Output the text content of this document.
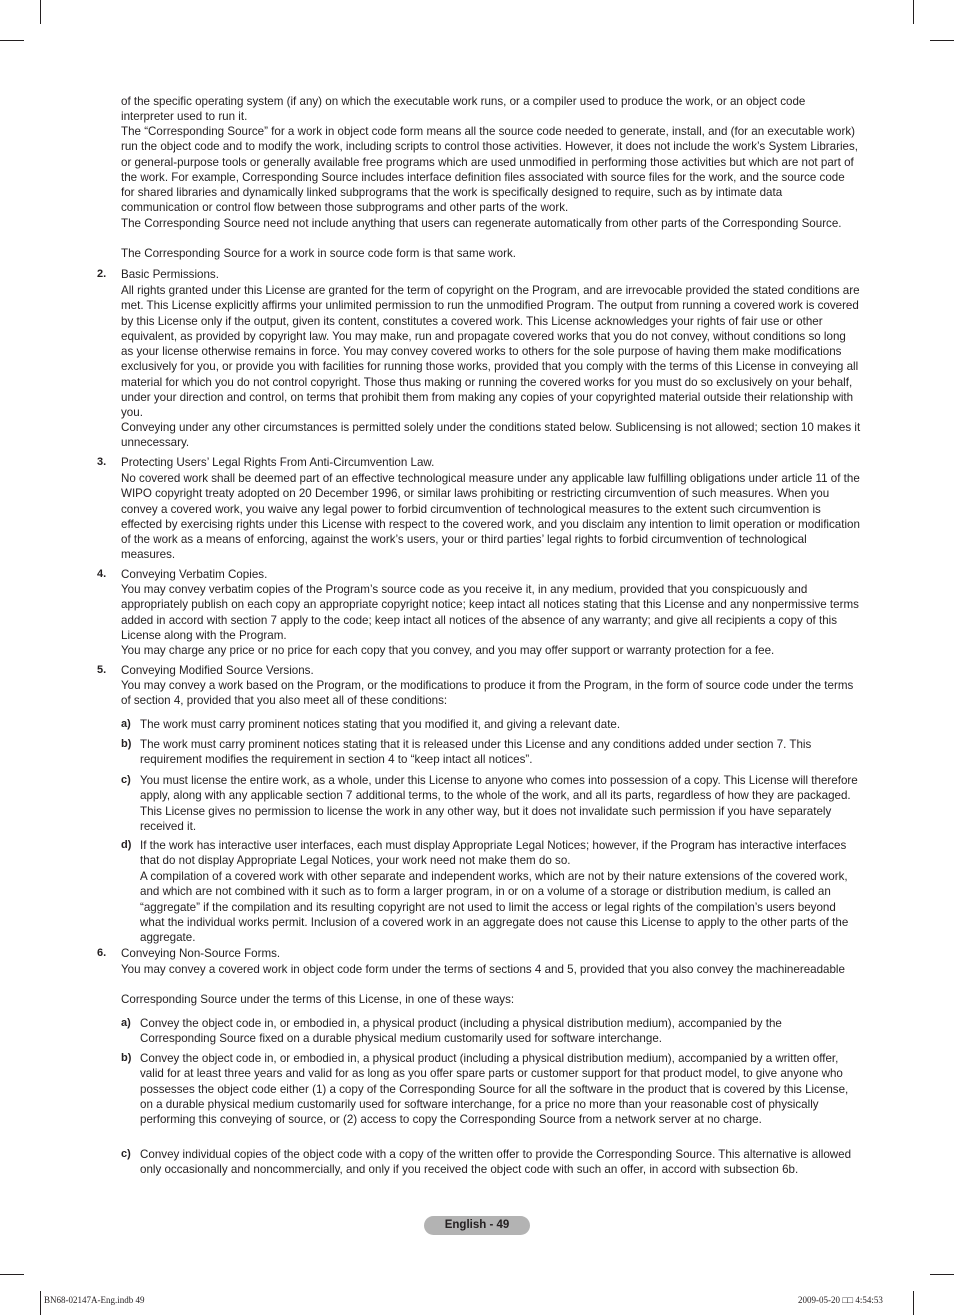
of the specific operating system (if any) on which the executable work runs, or a compiler used to produce the work, or an object code interpreter used to run it.

The “Corresponding Source” for a work in object code form means all the source code needed to generate, install, and (for an executable work) run the object code and to modify the work, including scripts to control those activities. However, it does not include the work’s System Libraries, or general-purpose tools or generally available free programs which are used unmodified in performing those activities but which are not part of the work. For example, Corresponding Source includes interface definition files associated with source files for the work, and the source code for shared libraries and dynamically linked subprograms that the work is specifically designed to require, such as by intimate data communication or control flow between those subprograms and other parts of the work.

The Corresponding Source need not include anything that users can regenerate automatically from other parts of the Corresponding Source.

The Corresponding Source for a work in source code form is that same work.

2. Basic Permissions.

All rights granted under this License are granted for the term of copyright on the Program, and are irrevocable provided the stated conditions are met. This License explicitly affirms your unlimited permission to run the unmodified Program. The output from running a covered work is covered by this License only if the output, given its content, constitutes a covered work. This License acknowledges your rights of fair use or other equivalent, as provided by copyright law. You may make, run and propagate covered works that you do not convey, without conditions so long as your license otherwise remains in force. You may convey covered works to others for the sole purpose of having them make modifications exclusively for you, or provide you with facilities for running those works, provided that you comply with the terms of this License in conveying all material for which you do not control copyright. Those thus making or running the covered works for you must do so exclusively on your behalf, under your direction and control, on terms that prohibit them from making any copies of your copyrighted material outside their relationship with you.

Conveying under any other circumstances is permitted solely under the conditions stated below. Sublicensing is not allowed; section 10 makes it unnecessary.

3. Protecting Users’ Legal Rights From Anti-Circumvention Law.

No covered work shall be deemed part of an effective technological measure under any applicable law fulfilling obligations under article 11 of the WIPO copyright treaty adopted on 20 December 1996, or similar laws prohibiting or restricting circumvention of such measures. When you convey a covered work, you waive any legal power to forbid circumvention of technological measures to the extent such circumvention is effected by exercising rights under this License with respect to the covered work, and you disclaim any intention to limit operation or modification of the work as a means of enforcing, against the work’s users, your or third parties’ legal rights to forbid circumvention of technological measures.

4. Conveying Verbatim Copies.

You may convey verbatim copies of the Program’s source code as you receive it, in any medium, provided that you conspicuously and appropriately publish on each copy an appropriate copyright notice; keep intact all notices stating that this License and any nonpermissive terms added in accord with section 7 apply to the code; keep intact all notices of the absence of any warranty; and give all recipients a copy of this License along with the Program.

You may charge any price or no price for each copy that you convey, and you may offer support or warranty protection for a fee.

5. Conveying Modified Source Versions.

You may convey a work based on the Program, or the modifications to produce it from the Program, in the form of source code under the terms of section 4, provided that you also meet all of these conditions:

a) The work must carry prominent notices stating that you modified it, and giving a relevant date.

b) The work must carry prominent notices stating that it is released under this License and any conditions added under section 7. This requirement modifies the requirement in section 4 to “keep intact all notices”.

c) You must license the entire work, as a whole, under this License to anyone who comes into possession of a copy. This License will therefore apply, along with any applicable section 7 additional terms, to the whole of the work, and all its parts, regardless of how they are packaged. This License gives no permission to license the work in any other way, but it does not invalidate such permission if you have separately received it.

d) If the work has interactive user interfaces, each must display Appropriate Legal Notices; however, if the Program has interactive interfaces that do not display Appropriate Legal Notices, your work need not make them do so.

A compilation of a covered work with other separate and independent works, which are not by their nature extensions of the covered work, and which are not combined with it such as to form a larger program, in or on a volume of a storage or distribution medium, is called an “aggregate” if the compilation and its resulting copyright are not used to limit the access or legal rights of the compilation’s users beyond what the individual works permit. Inclusion of a covered work in an aggregate does not cause this License to apply to the other parts of the aggregate.

6. Conveying Non-Source Forms.

You may convey a covered work in object code form under the terms of sections 4 and 5, provided that you also convey the machinereadable

Corresponding Source under the terms of this License, in one of these ways:

a) Convey the object code in, or embodied in, a physical product (including a physical distribution medium), accompanied by the Corresponding Source fixed on a durable physical medium customarily used for software interchange.

b) Convey the object code in, or embodied in, a physical product (including a physical distribution medium), accompanied by a written offer, valid for at least three years and valid for as long as you offer spare parts or customer support for that product model, to give anyone who possesses the object code either (1) a copy of the Corresponding Source for all the software in the product that is covered by this License, on a durable physical medium customarily used for software interchange, for a price no more than your reasonable cost of physically performing this conveying of source, or (2) access to copy the Corresponding Source from a network server at no charge.

c) Convey individual copies of the object code with a copy of the written offer to provide the Corresponding Source. This alternative is allowed only occasionally and noncommercially, and only if you received the object code with such an offer, in accord with subsection 6b.

English - 49
BN68-02147A-Eng.indb 49	2009-05-20 □□ 4:54:53
